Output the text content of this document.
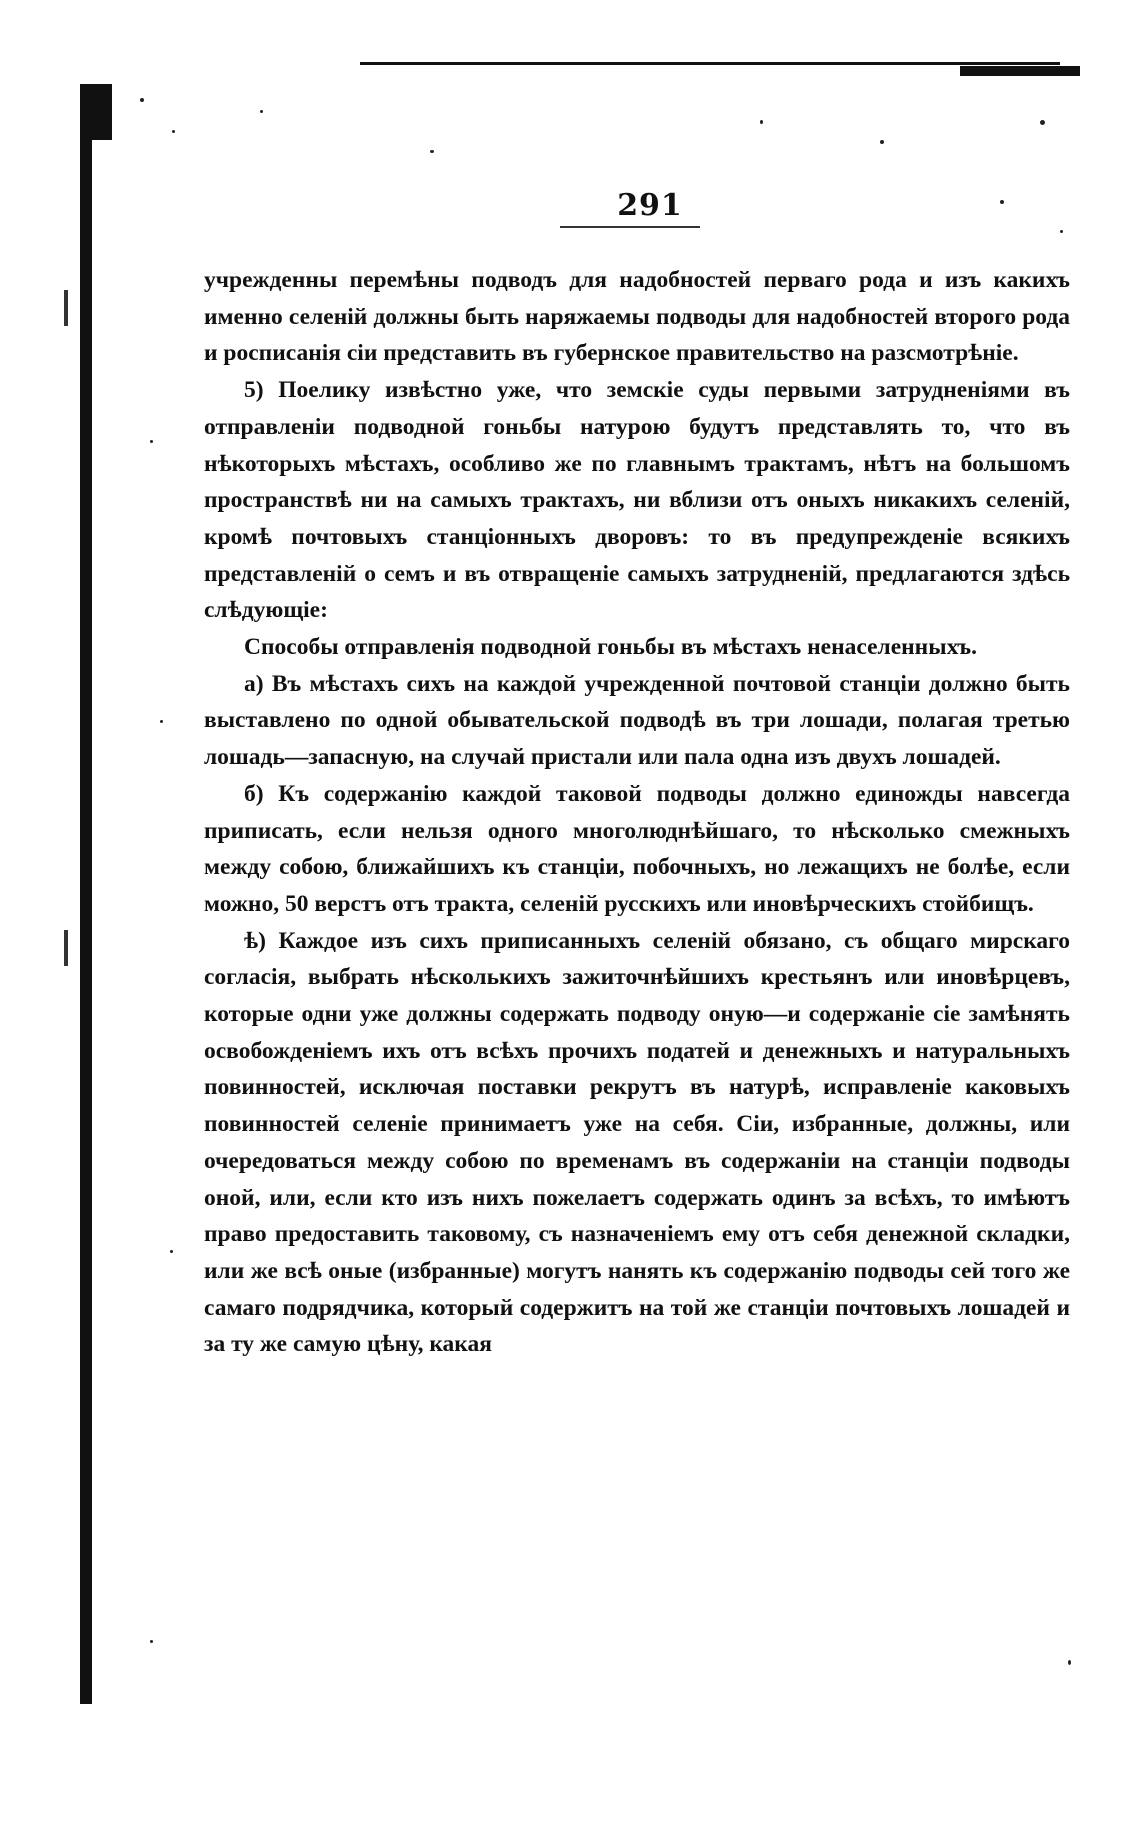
291

учрежденны перемѣны подводъ для надобностей перваго рода и изъ какихъ именно селеній должны быть наряжаемы подводы для надобностей второго рода и росписанія сіи представить въ губернское правительство на разсмотрѣніе.

5) Поелику извѣстно уже, что земскіе суды первыми затрудненіями въ отправленіи подводной гоньбы натурою будутъ представлять то, что въ нѣкоторыхъ мѣстахъ, особливо же по главнымъ трактамъ, нѣтъ на большомъ пространствѣ ни на самыхъ трактахъ, ни вблизи отъ оныхъ никакихъ селеній, кромѣ почтовыхъ станціонныхъ дворовъ: то въ предупрежденіе всякихъ представленій о семъ и въ отвращеніе самыхъ затрудненій, предлагаются здѣсь слѣдующіе:

Способы отправленія подводной гоньбы въ мѣстахъ ненаселенныхъ.

а) Въ мѣстахъ сихъ на каждой учрежденной почтовой станціи должно быть выставлено по одной обывательской подводѣ въ три лошади, полагая третью лошадь—запасную, на случай пристали или пала одна изъ двухъ лошадей.

б) Къ содержанію каждой таковой подводы должно единожды навсегда приписать, если нельзя одного многолюднѣйшаго, то нѣсколько смежныхъ между собою, ближайшихъ къ станціи, побочныхъ, но лежащихъ не болѣе, если можно, 50 верстъ отъ тракта, селеній русскихъ или иновѣрческихъ стойбищъ.

ѣ) Каждое изъ сихъ приписанныхъ селеній обязано, съ общаго мирскаго согласія, выбрать нѣсколькихъ зажиточнѣйшихъ крестьянъ или иновѣрцевъ, которые одни уже должны содержать подводу оную—и содержаніе сіе замѣнять освобожденіемъ ихъ отъ всѣхъ прочихъ податей и денежныхъ и натуральныхъ повинностей, исключая поставки рекрутъ въ натурѣ, исправленіе каковыхъ повинностей селеніе принимаетъ уже на себя. Сіи, избранные, должны, или очередоваться между собою по временамъ въ содержаніи на станціи подводы оной, или, если кто изъ нихъ пожелаетъ содержать одинъ за всѣхъ, то имѣютъ право предоставить таковому, съ назначеніемъ ему отъ себя денежной складки, или же всѣ оные (избранные) могутъ нанять къ содержанію подводы сей того же самаго подрядчика, который содержитъ на той же станціи почтовыхъ лошадей и за ту же самую цѣну, какая
